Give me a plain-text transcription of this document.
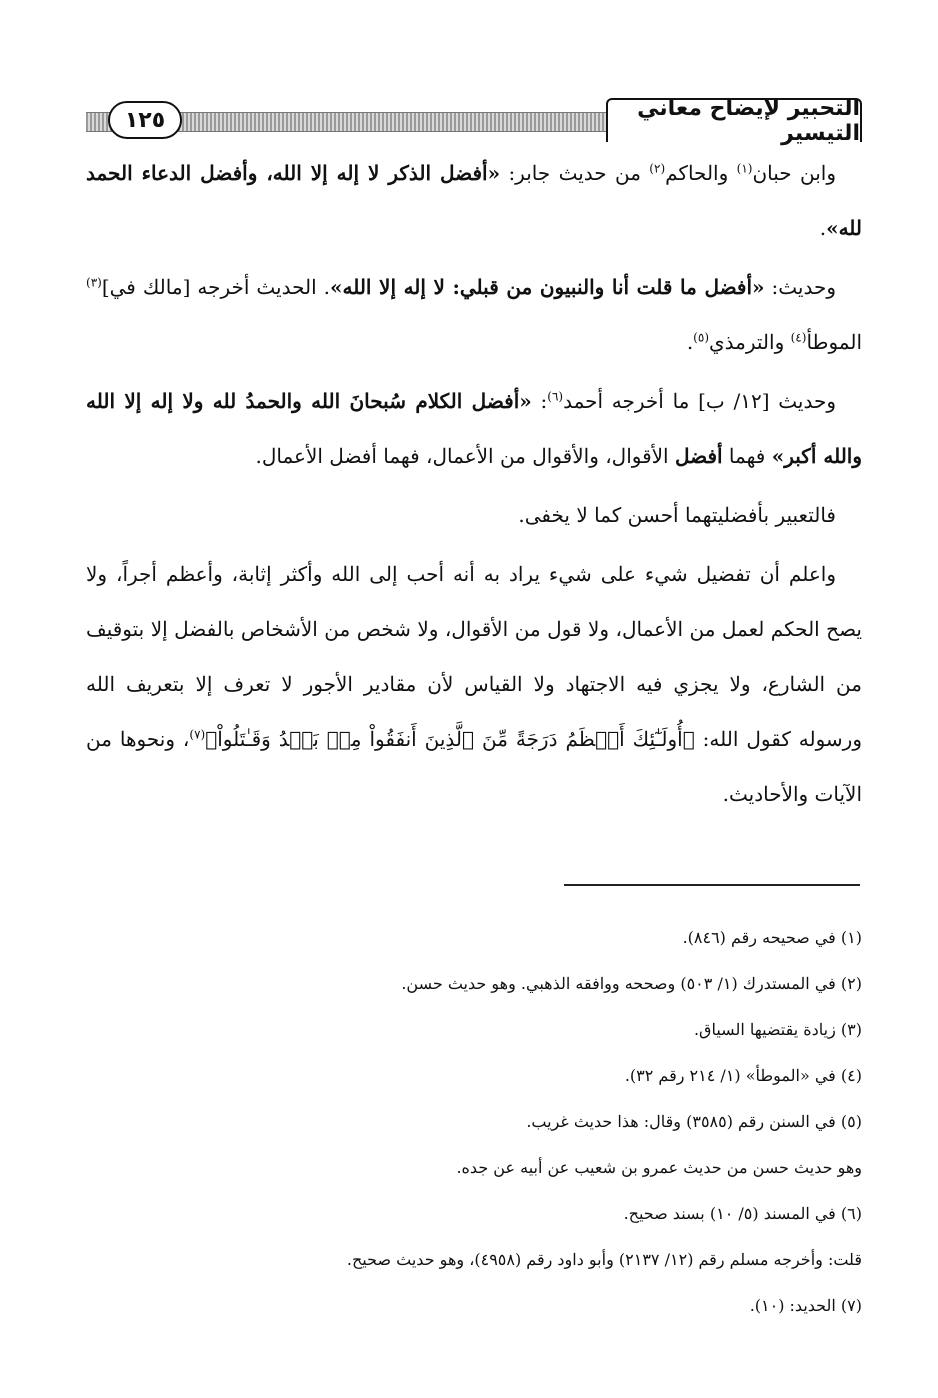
١٢٥	التحبير لإيضاح معاني التيسير

وابن حبان$^{(١)}$ والحاكم$^{(٢)}$ من حديث جابر: «أفضل الذكر لا إله إلا الله، وأفضل الدعاء الحمد لله».

وحديث: «أفضل ما قلت أنا والنبيون من قبلي: لا إله إلا الله». الحديث أخرجه [مالك في]$^{(٣)}$ الموطأ$^{(٤)}$ والترمذي$^{(٥)}$.

وحديث [١٢/ ب] ما أخرجه أحمد$^{(٦)}$: «أفضل الكلام سُبحانَ الله والحمدُ لله ولا إله إلا الله والله أكبر» فهما أفضل الأقوال، والأقوال من الأعمال، فهما أفضل الأعمال.

فالتعبير بأفضليتهما أحسن كما لا يخفى.

واعلم أن تفضيل شيء على شيء يراد به أنه أحب إلى الله وأكثر إثابة، وأعظم أجراً، ولا يصح الحكم لعمل من الأعمال، ولا قول من الأقوال، ولا شخص من الأشخاص بالفضل إلا بتوقيف من الشارع، ولا يجزي فيه الاجتهاد ولا القياس لأن مقادير الأجور لا تعرف إلا بتعريف الله ورسوله كقول الله: ﴿أُولَـٰٓئِكَ أَعۡظَمُ دَرَجَةً مِّنَ ٱلَّذِينَ أَنفَقُواْ مِنۢ بَعۡدُ وَقَـٰتَلُواْ﴾$^{(٧)}$، ونحوها من الآيات والأحاديث.

(١) في صحيحه رقم (٨٤٦).
(٢) في المستدرك (١/ ٥٠٣) وصححه ووافقه الذهبي. وهو حديث حسن.
(٣) زيادة يقتضيها السياق.
(٤) في «الموطأ» (١/ ٢١٤ رقم ٣٢).
(٥) في السنن رقم (٣٥٨٥) وقال: هذا حديث غريب.
وهو حديث حسن من حديث عمرو بن شعيب عن أبيه عن جده.
(٦) في المسند (٥/ ١٠) بسند صحيح.
قلت: وأخرجه مسلم رقم (١٢/ ٢١٣٧) وأبو داود رقم (٤٩٥٨)، وهو حديث صحيح.
(٧) الحديد: (١٠).
